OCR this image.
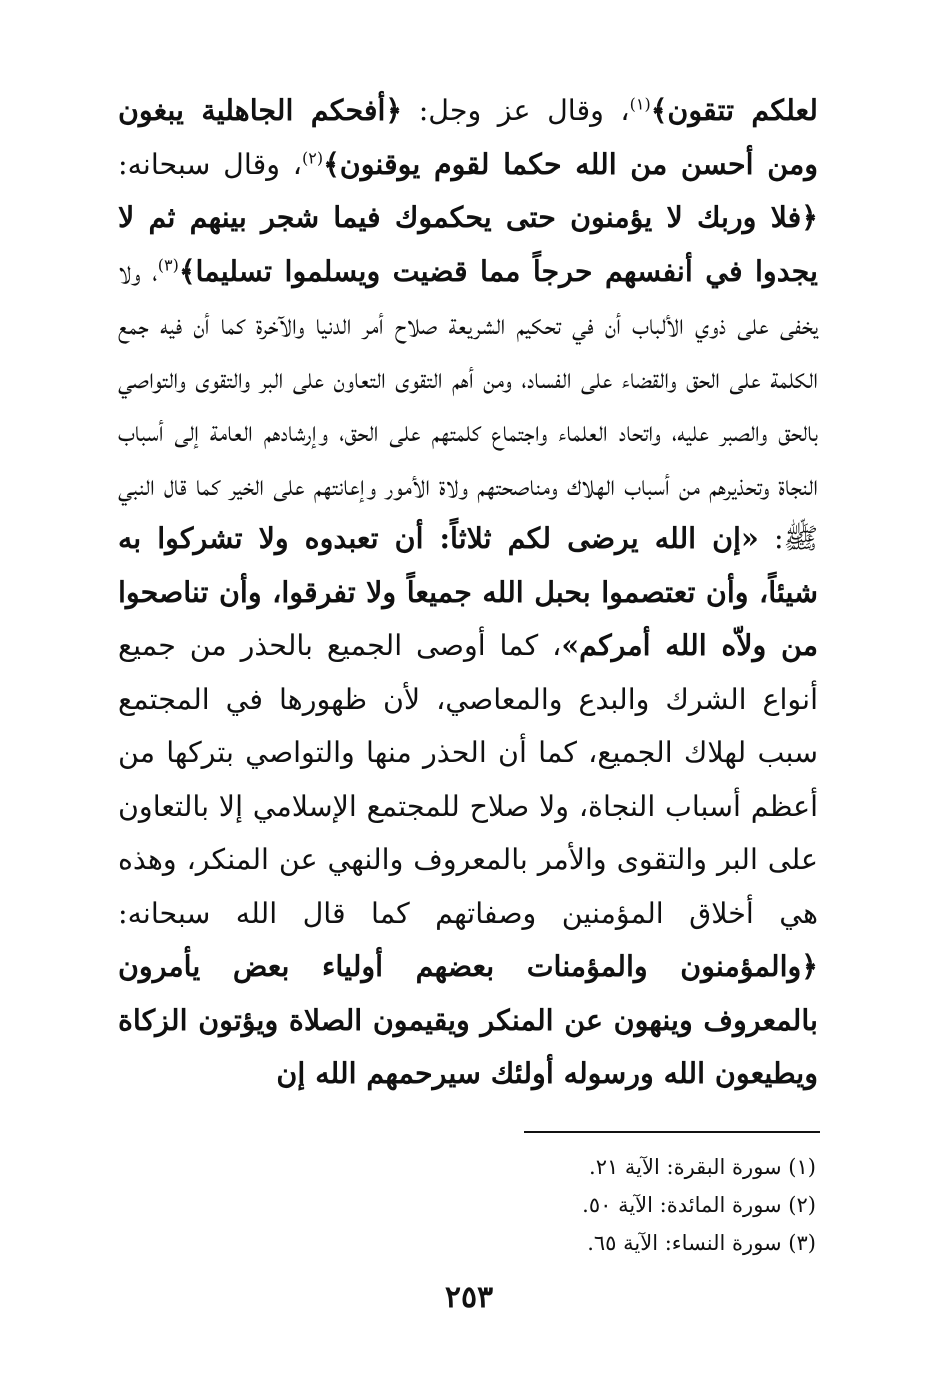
لعلكم تتقون﴾$^{(١)}$، وقال عز وجل: ﴿أفحكم الجاهلية يبغون ومن أحسن من الله حكما لقوم يوقنون﴾$^{(٢)}$، وقال سبحانه: ﴿فلا وربك لا يؤمنون حتى يحكموك فيما شجر بينهم ثم لا يجدوا في أنفسهم حرجاً مما قضيت ويسلموا تسليما﴾$^{(٣)}$، ولا يخفى على ذوي الألباب أن في تحكيم الشريعة صلاح أمر الدنيا والآخرة كما أن فيه جمع الكلمة على الحق والقضاء على الفساد، ومن أهم التقوى التعاون على البر والتقوى والتواصي بالحق والصبر عليه، واتحاد العلماء واجتماع كلمتهم على الحق، وإرشادهم العامة إلى أسباب النجاة وتحذيرهم من أسباب الهلاك ومناصحتهم ولاة الأمور وإعانتهم على الخير كما قال النبي ﷺ: «إن الله يرضى لكم ثلاثاً: أن تعبدوه ولا تشركوا به شيئاً، وأن تعتصموا بحبل الله جميعاً ولا تفرقوا، وأن تناصحوا من ولاّه الله أمركم»، كما أوصى الجميع بالحذر من جميع أنواع الشرك والبدع والمعاصي، لأن ظهورها في المجتمع سبب لهلاك الجميع، كما أن الحذر منها والتواصي بتركها من أعظم أسباب النجاة، ولا صلاح للمجتمع الإسلامي إلا بالتعاون على البر والتقوى والأمر بالمعروف والنهي عن المنكر، وهذه هي أخلاق المؤمنين وصفاتهم كما قال الله سبحانه: ﴿والمؤمنون والمؤمنات بعضهم أولياء بعض يأمرون بالمعروف وينهون عن المنكر ويقيمون الصلاة ويؤتون الزكاة ويطيعون الله ورسوله أولئك سيرحمهم الله إن

(١) سورة البقرة: الآية ٢١.
(٢) سورة المائدة: الآية ٥٠.
(٣) سورة النساء: الآية ٦٥.
٢٥٣
